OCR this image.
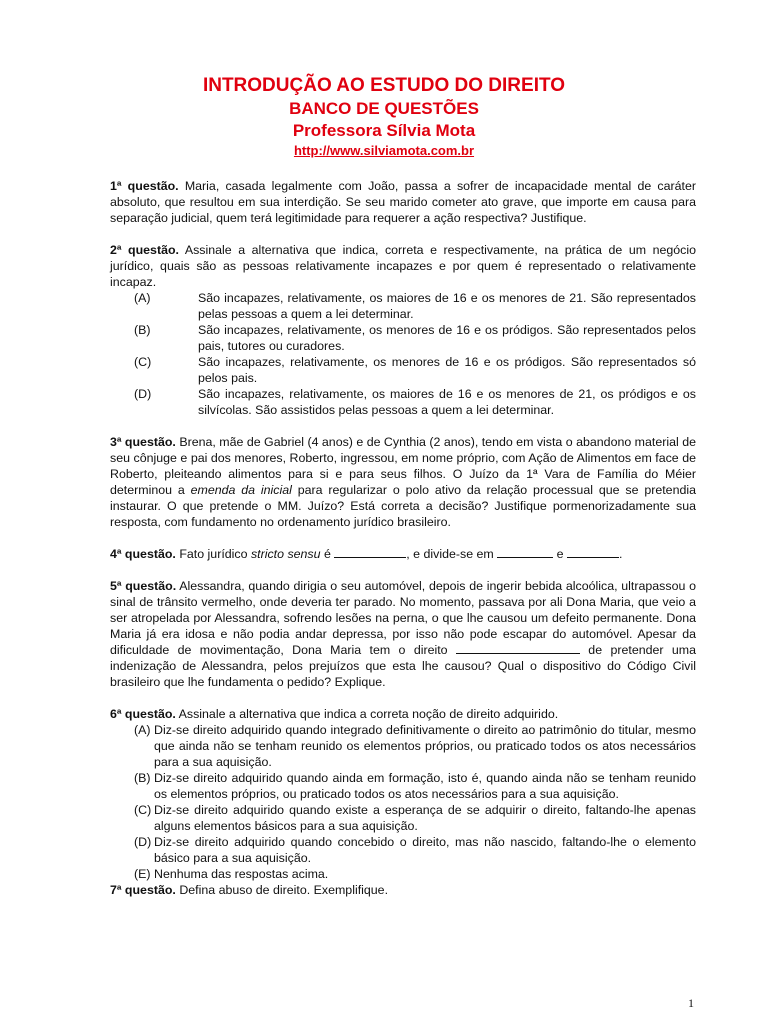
INTRODUÇÃO AO ESTUDO DO DIREITO
BANCO DE QUESTÕES
Professora Sílvia Mota
http://www.silviamota.com.br

1ª questão. Maria, casada legalmente com João, passa a sofrer de incapacidade mental de caráter absoluto, que resultou em sua interdição. Se seu marido cometer ato grave, que importe em causa para separação judicial, quem terá legitimidade para requerer a ação respectiva? Justifique.

2ª questão. Assinale a alternativa que indica, correta e respectivamente, na prática de um negócio jurídico, quais são as pessoas relativamente incapazes e por quem é representado o relativamente incapaz.

(A)	São incapazes, relativamente, os maiores de 16 e os menores de 21. São representados pelas pessoas a quem a lei determinar.
(B)	São incapazes, relativamente, os menores de 16 e os pródigos. São representados pelos pais, tutores ou curadores.
(C)	São incapazes, relativamente, os menores de 16 e os pródigos. São representados só pelos pais.
(D)	São incapazes, relativamente, os maiores de 16 e os menores de 21, os pródigos e os silvícolas. São assistidos pelas pessoas a quem a lei determinar.

3ª questão. Brena, mãe de Gabriel (4 anos) e de Cynthia (2 anos), tendo em vista o abandono material de seu cônjuge e pai dos menores, Roberto, ingressou, em nome próprio, com Ação de Alimentos em face de Roberto, pleiteando alimentos para si e para seus filhos. O Juízo da 1ª Vara de Família do Méier determinou a emenda da inicial para regularizar o polo ativo da relação processual que se pretendia instaurar. O que pretende o MM. Juízo? Está correta a decisão? Justifique pormenorizadamente sua resposta, com fundamento no ordenamento jurídico brasileiro.

4ª questão. Fato jurídico stricto sensu é	, e divide-se em	e	.

5ª questão. Alessandra, quando dirigia o seu automóvel, depois de ingerir bebida alcoólica, ultrapassou o sinal de trânsito vermelho, onde deveria ter parado. No momento, passava por ali Dona Maria, que veio a ser atropelada por Alessandra, sofrendo lesões na perna, o que lhe causou um defeito permanente. Dona Maria já era idosa e não podia andar depressa, por isso não pode escapar do automóvel. Apesar da dificuldade de movimentação, Dona Maria tem o direito	de pretender uma indenização de Alessandra, pelos prejuízos que esta lhe causou? Qual o dispositivo do Código Civil brasileiro que lhe fundamenta o pedido? Explique.

6ª questão. Assinale a alternativa que indica a correta noção de direito adquirido.

(A) Diz-se direito adquirido quando integrado definitivamente o direito ao patrimônio do titular, mesmo que ainda não se tenham reunido os elementos próprios, ou praticado todos os atos necessários para a sua aquisição.
(B) Diz-se direito adquirido quando ainda em formação, isto é, quando ainda não se tenham reunido os elementos próprios, ou praticado todos os atos necessários para a sua aquisição.
(C) Diz-se direito adquirido quando existe a esperança de se adquirir o direito, faltando-lhe apenas alguns elementos básicos para a sua aquisição.
(D) Diz-se direito adquirido quando concebido o direito, mas não nascido, faltando-lhe o elemento básico para a sua aquisição.
(E) Nenhuma das respostas acima.

7ª questão. Defina abuso de direito. Exemplifique.

1
